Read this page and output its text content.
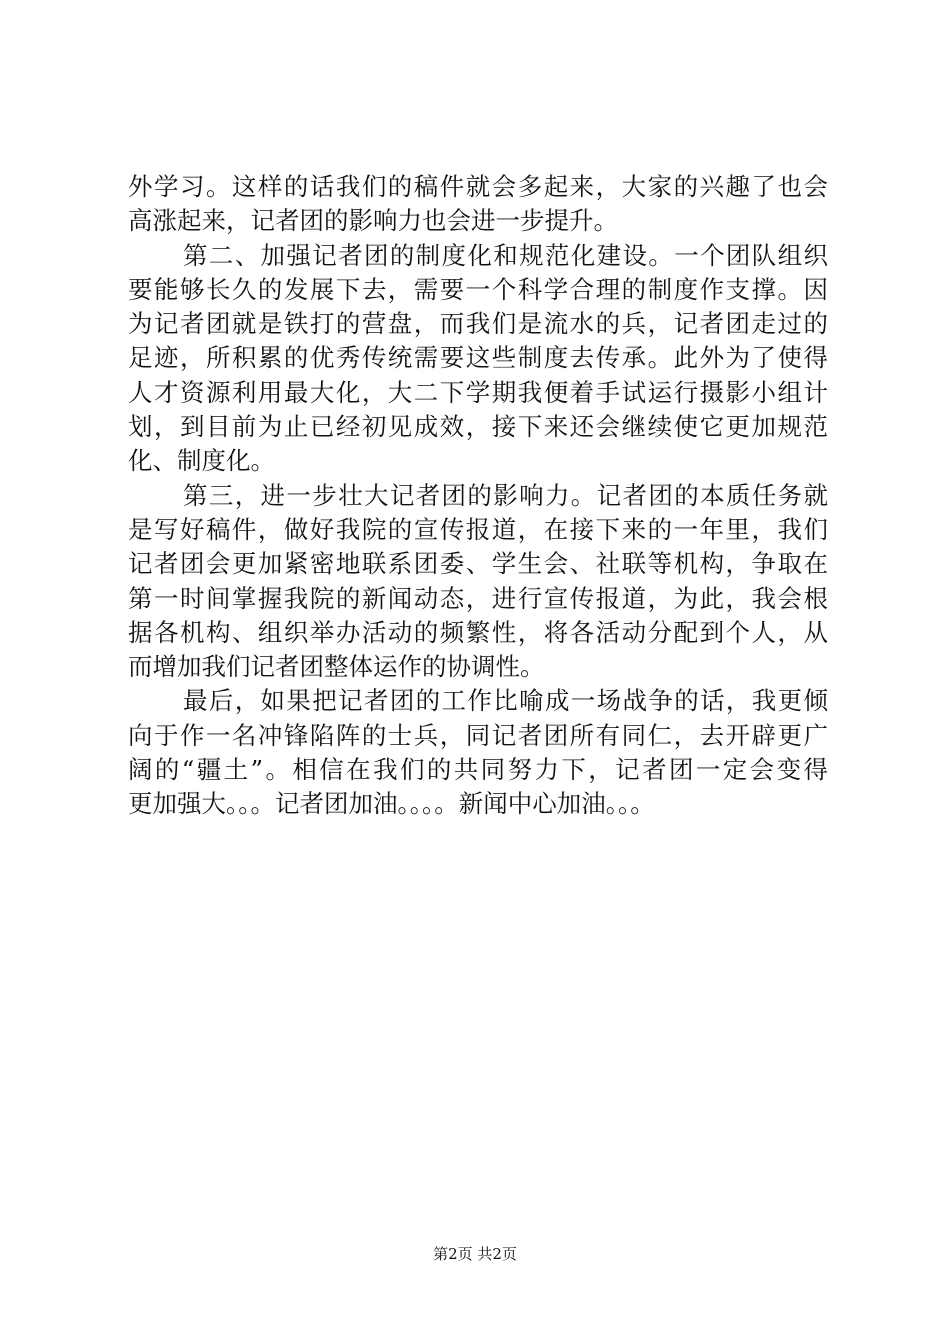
外学习。这样的话我们的稿件就会多起来，大家的兴趣了也会
高涨起来，记者团的影响力也会进一步提升。
第二、加强记者团的制度化和规范化建设。一个团队组织
要能够长久的发展下去，需要一个科学合理的制度作支撑。因
为记者团就是铁打的营盘，而我们是流水的兵，记者团走过的
足迹，所积累的优秀传统需要这些制度去传承。此外为了使得
人才资源利用最大化，大二下学期我便着手试运行摄影小组计
划，到目前为止已经初见成效，接下来还会继续使它更加规范
化、制度化。
第三，进一步壮大记者团的影响力。记者团的本质任务就
是写好稿件，做好我院的宣传报道，在接下来的一年里，我们
记者团会更加紧密地联系团委、学生会、社联等机构，争取在
第一时间掌握我院的新闻动态，进行宣传报道，为此，我会根
据各机构、组织举办活动的频繁性，将各活动分配到个人，从
而增加我们记者团整体运作的协调性。
最后，如果把记者团的工作比喻成一场战争的话，我更倾
向于作一名冲锋陷阵的士兵，同记者团所有同仁，去开辟更广
阔的“疆土”。相信在我们的共同努力下，记者团一定会变得
更加强大。。。记者团加油。。。。新闻中心加油。。。
第2页 共2页
